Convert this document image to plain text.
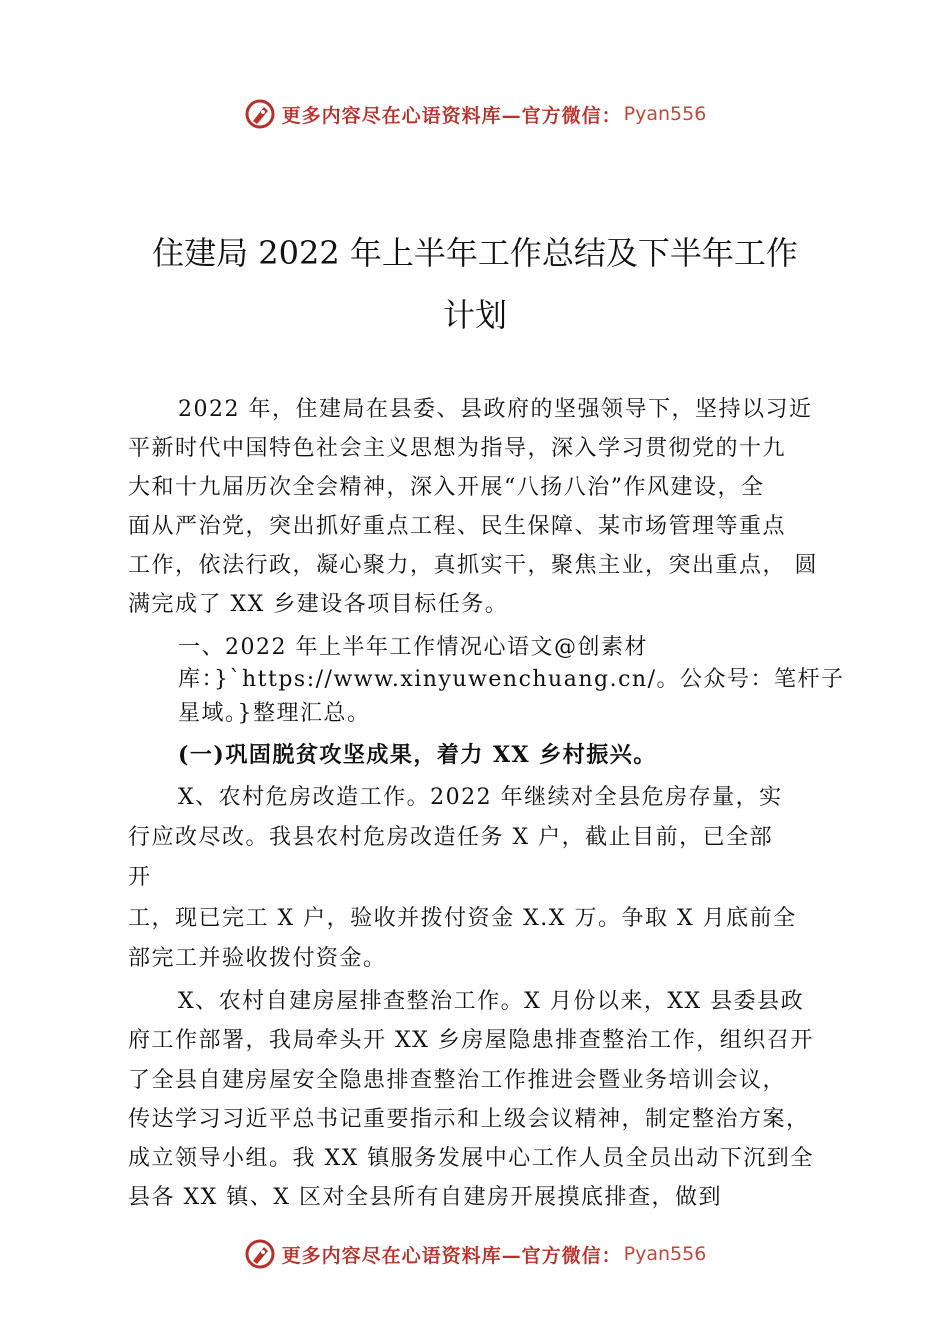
更多内容尽在心语资料库—官方微信： Pyan556
住建局 2022 年上半年工作总结及下半年工作
计划
2022 年，住建局在县委、县政府的坚强领导下，坚持以习近
平新时代中国特色社会主义思想为指导，深入学习贯彻党的十九
大和十九届历次全会精神，深入开展“八扬八治”作风建设，全
面从严治党，突出抓好重点工程、民生保障、某市场管理等重点
工作，依法行政，凝心聚力，真抓实干，聚焦主业，突出重点， 圆
满完成了 XX 乡建设各项目标任务。
一、2022 年上半年工作情况心语文@创素材
库：}`https://www.xinyuwenchuang.cn/。公众号：笔杆子
星域。}整理汇总。
(一)巩固脱贫攻坚成果，着力 XX 乡村振兴。
X、农村危房改造工作。2022 年继续对全县危房存量，实
行应改尽改。我县农村危房改造任务 X 户，截止目前，已全部
开
工，现已完工 X 户，验收并拨付资金 X.X 万。争取 X 月底前全
部完工并验收拨付资金。
X、农村自建房屋排查整治工作。X 月份以来，XX 县委县政
府工作部署，我局牵头开 XX 乡房屋隐患排查整治工作，组织召开
了全县自建房屋安全隐患排查整治工作推进会暨业务培训会议，
传达学习习近平总书记重要指示和上级会议精神，制定整治方案，
成立领导小组。我 XX 镇服务发展中心工作人员全员出动下沉到全
县各 XX 镇、X 区对全县所有自建房开展摸底排查，做到
更多内容尽在心语资料库—官方微信： Pyan556
